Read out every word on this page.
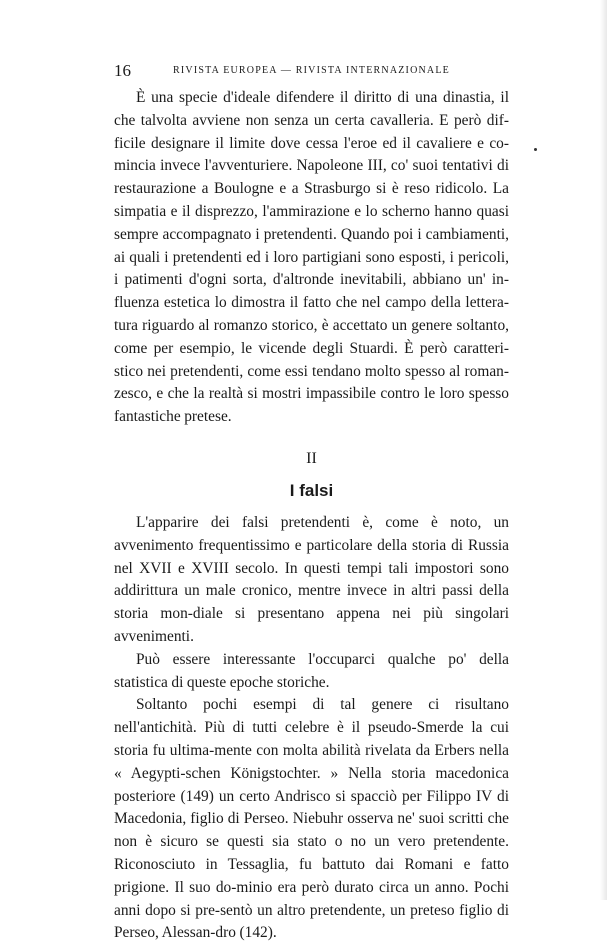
16	RIVISTA EUROPEA — RIVISTA INTERNAZIONALE

È una specie d'ideale difendere il diritto di una dinastia, il che talvolta avviene non senza un certa cavalleria. E però dif-ficile designare il limite dove cessa l'eroe ed il cavaliere e co-mincia invece l'avventuriere. Napoleone III, co' suoi tentativi di restaurazione a Boulogne e a Strasburgo si è reso ridicolo. La simpatia e il disprezzo, l'ammirazione e lo scherno hanno quasi sempre accompagnato i pretendenti. Quando poi i cambiamenti, ai quali i pretendenti ed i loro partigiani sono esposti, i pericoli, i patimenti d'ogni sorta, d'altronde inevitabili, abbiano un' in-fluenza estetica lo dimostra il fatto che nel campo della lettera-tura riguardo al romanzo storico, è accettato un genere soltanto, come per esempio, le vicende degli Stuardi. È però caratteri-stico nei pretendenti, come essi tendano molto spesso al roman-zesco, e che la realtà si mostri impassibile contro le loro spesso fantastiche pretese.

II
I falsi

L'apparire dei falsi pretendenti è, come è noto, un avvenimento frequentissimo e particolare della storia di Russia nel XVII e XVIII secolo. In questi tempi tali impostori sono addirittura un male cronico, mentre invece in altri passi della storia mon-diale si presentano appena nei più singolari avvenimenti.

Può essere interessante l'occuparci qualche po' della statistica di queste epoche storiche.

Soltanto pochi esempi di tal genere ci risultano nell'antichità. Più di tutti celebre è il pseudo-Smerde la cui storia fu ultima-mente con molta abilità rivelata da Erbers nella « Aegypti-schen Königstochter. » Nella storia macedonica posteriore (149) un certo Andrisco si spacciò per Filippo IV di Macedonia, figlio di Perseo. Niebuhr osserva ne' suoi scritti che non è sicuro se questi sia stato o no un vero pretendente. Riconosciuto in Tessaglia, fu battuto dai Romani e fatto prigione. Il suo do-minio era però durato circa un anno. Pochi anni dopo si pre-sentò un altro pretendente, un preteso figlio di Perseo, Alessan-dro (142).
